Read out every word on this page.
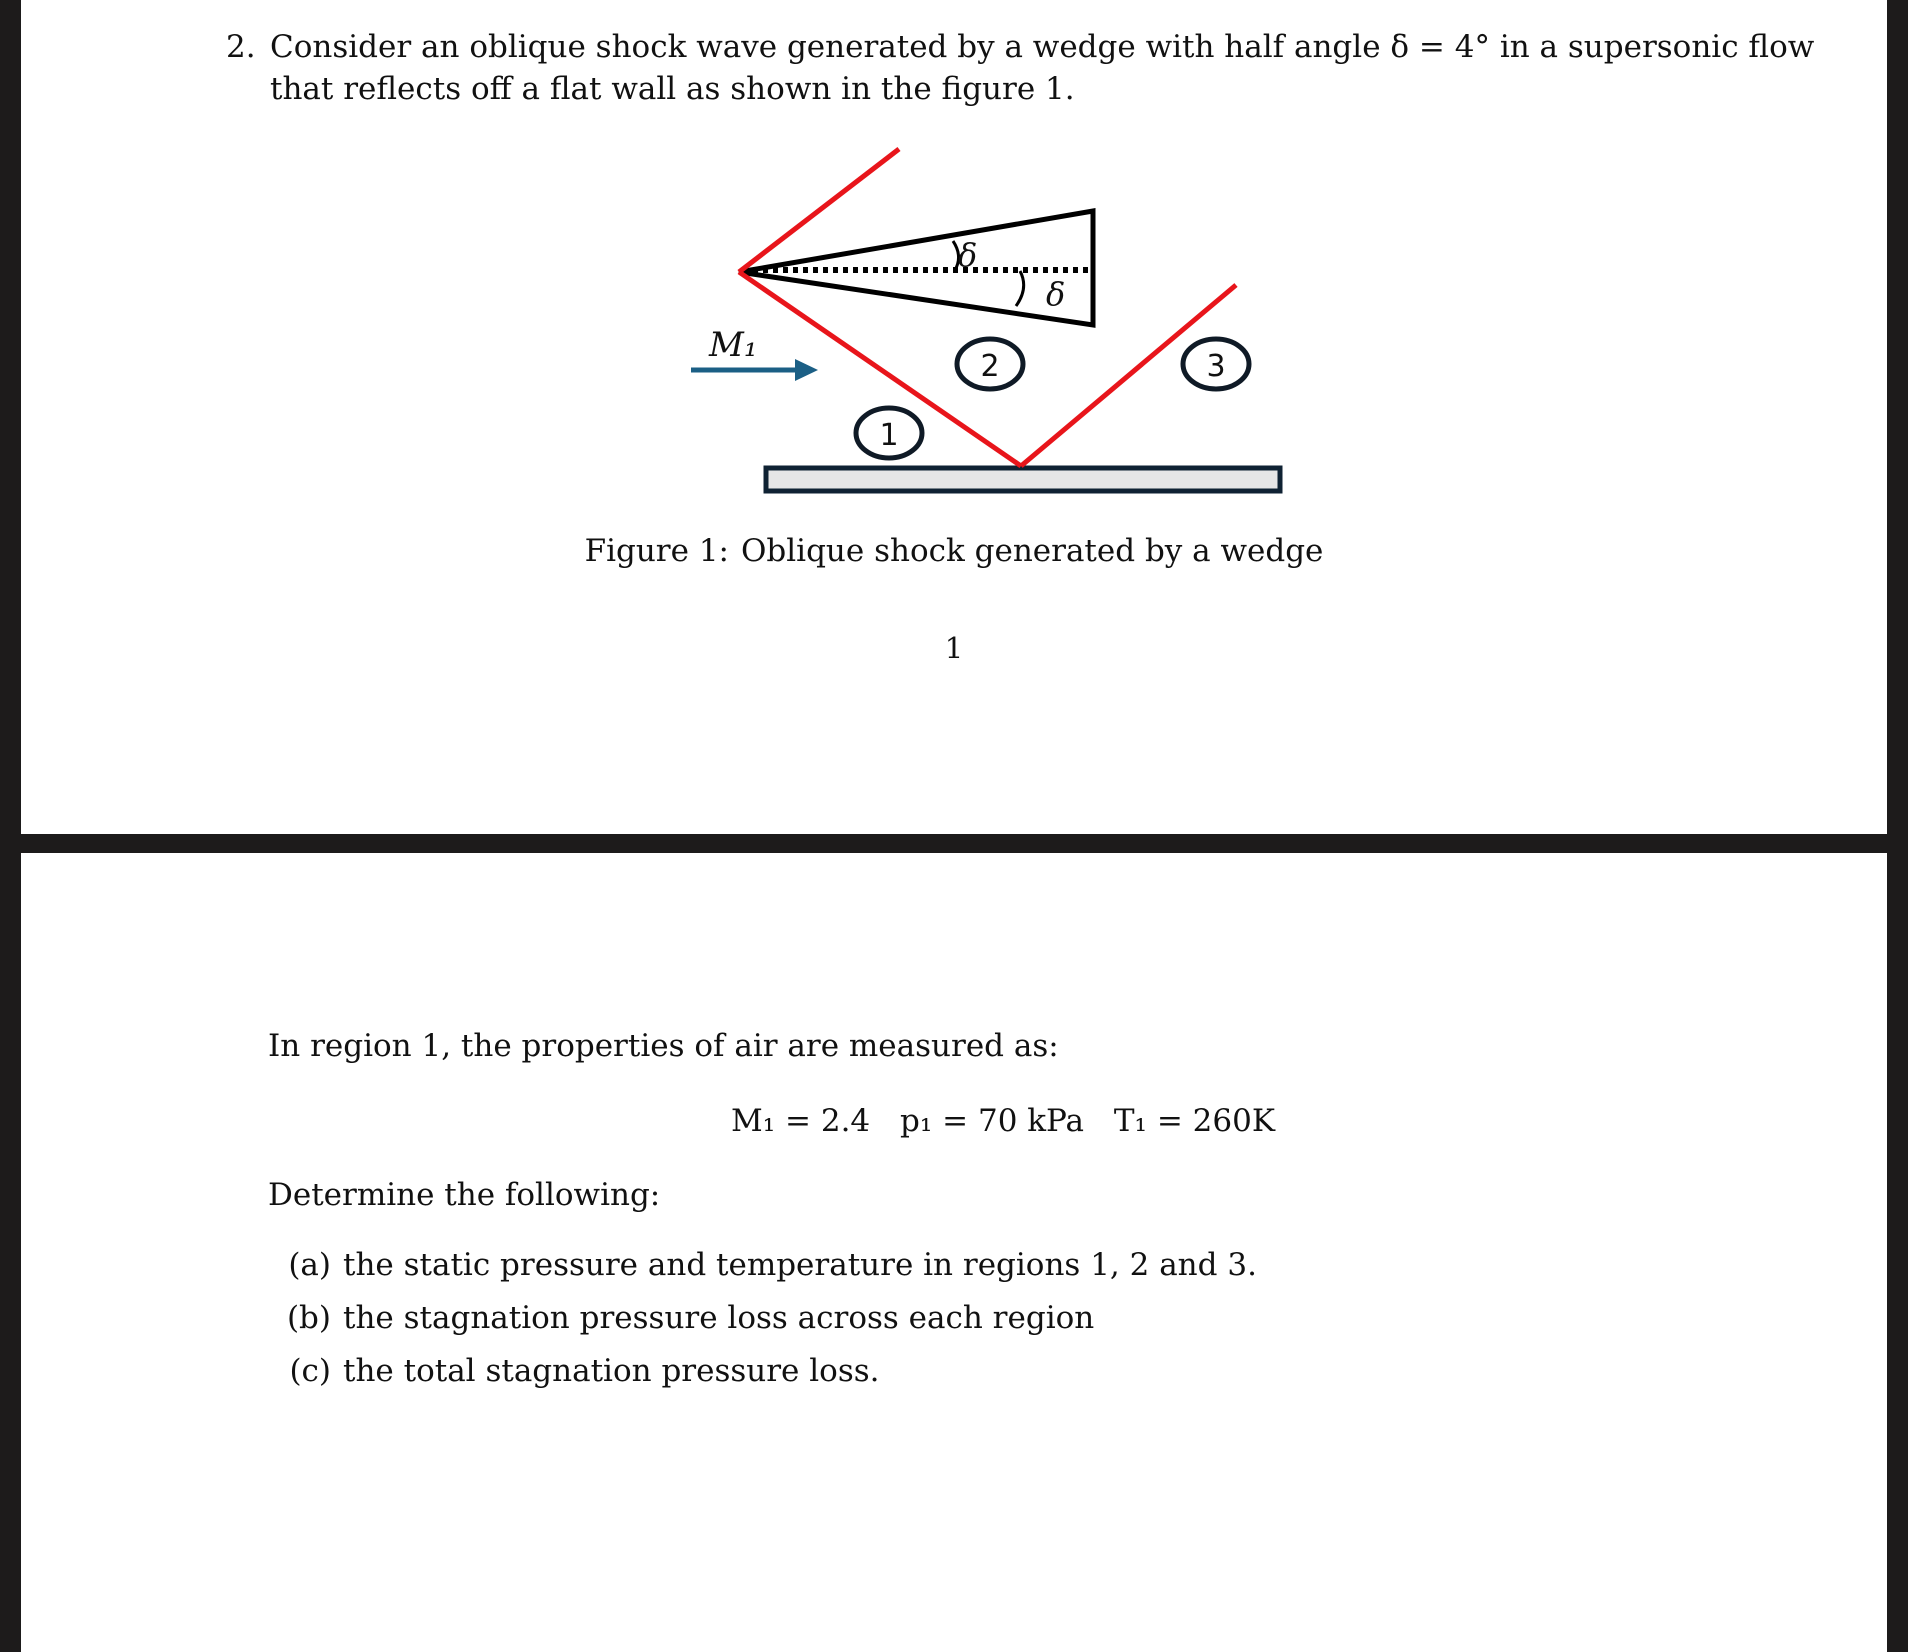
2. Consider an oblique shock wave generated by a wedge with half angle δ = 4° in a supersonic flow
that reflects off a flat wall as shown in the figure 1.
δ
δ
M₁
1
2	3
Figure 1: Oblique shock generated by a wedge
1
In region 1, the properties of air are measured as:
M₁ = 2.4 p₁ = 70 kPa T₁ = 260K
Determine the following:
(a) the static pressure and temperature in regions 1, 2 and 3.
(b) the stagnation pressure loss across each region
(c) the total stagnation pressure loss.
